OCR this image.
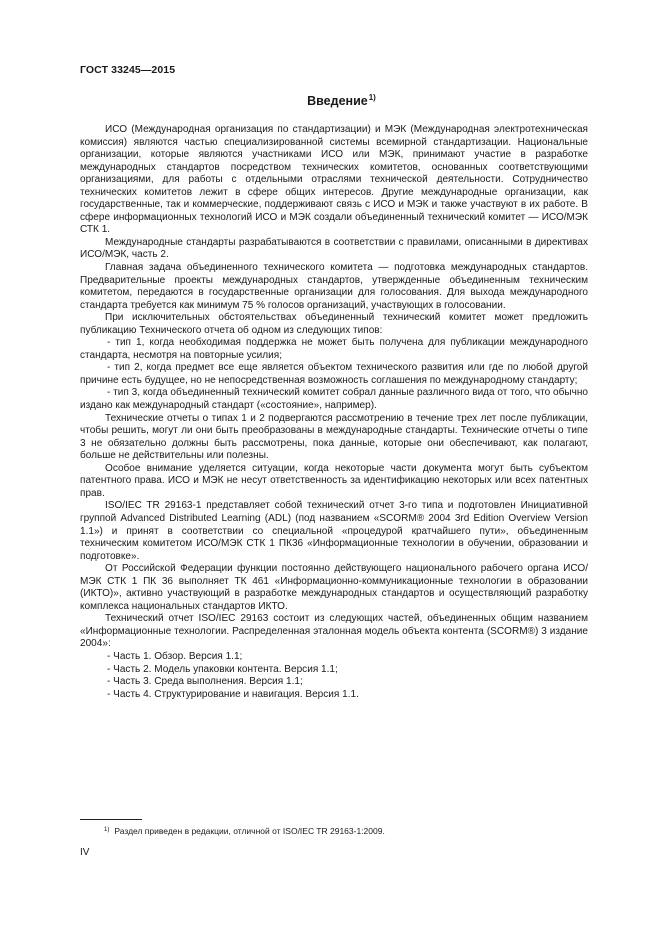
ГОСТ 33245—2015
Введение$^{1)}$

ИСО (Международная организация по стандартизации) и МЭК (Международная электротехническая комиссия) являются частью специализированной системы всемирной стандартизации. Национальные организации, которые являются участниками ИСО или МЭК, принимают участие в разработке международных стандартов посредством технических комитетов, основанных соответствующими организациями, для работы с отдельными отраслями технической деятельности. Сотрудничество технических комитетов лежит в сфере общих интересов. Другие международные организации, как государственные, так и коммерческие, поддерживают связь с ИСО и МЭК и также участвуют в их работе. В сфере информационных технологий ИСО и МЭК создали объединенный технический комитет — ИСО/МЭК СТК 1.

Международные стандарты разрабатываются в соответствии с правилами, описанными в директивах ИСО/МЭК, часть 2.

Главная задача объединенного технического комитета — подготовка международных стандартов. Предварительные проекты международных стандартов, утвержденные объединенным техническим комитетом, передаются в государственные организации для голосования. Для выхода международного стандарта требуется как минимум 75 % голосов организаций, участвующих в голосовании.

При исключительных обстоятельствах объединенный технический комитет может предложить публикацию Технического отчета об одном из следующих типов:

- тип 1, когда необходимая поддержка не может быть получена для публикации международного стандарта, несмотря на повторные усилия;

- тип 2, когда предмет все еще является объектом технического развития или где по любой другой причине есть будущее, но не непосредственная возможность соглашения по международному стандарту;

- тип 3, когда объединенный технический комитет собрал данные различного вида от того, что обычно издано как международный стандарт («состояние», например).

Технические отчеты о типах 1 и 2 подвергаются рассмотрению в течение трех лет после публикации, чтобы решить, могут ли они быть преобразованы в международные стандарты. Технические отчеты о типе 3 не обязательно должны быть рассмотрены, пока данные, которые они обеспечивают, как полагают, больше не действительны или полезны.

Особое внимание уделяется ситуации, когда некоторые части документа могут быть субъектом патентного права. ИСО и МЭК не несут ответственность за идентификацию некоторых или всех патентных прав.

ISO/IEC TR 29163-1 представляет собой технический отчет 3-го типа и подготовлен Инициативной группой Advanced Distributed Learning (ADL) (под названием «SCORM® 2004 3rd Edition Overview Version 1.1») и принят в соответствии со специальной «процедурой кратчайшего пути», объединенным техническим комитетом ИСО/МЭК СТК 1 ПК36 «Информационные технологии в обучении, образовании и подготовке».

От Российской Федерации функции постоянно действующего национального рабочего органа ИСО/МЭК СТК 1 ПК 36 выполняет ТК 461 «Информационно-коммуникационные технологии в образовании (ИКТО)», активно участвующий в разработке международных стандартов и осуществляющий разработку комплекса национальных стандартов ИКТО.

Технический отчет ISO/IEC 29163 состоит из следующих частей, объединенных общим названием «Информационные технологии. Распределенная эталонная модель объекта контента (SCORM®) 3 издание 2004»:

- Часть 1. Обзор. Версия 1.1;

- Часть 2. Модель упаковки контента. Версия 1.1;

- Часть 3. Среда выполнения. Версия 1.1;

- Часть 4. Структурирование и навигация. Версия 1.1.

$^{1)}$ Раздел приведен в редакции, отличной от ISO/IEC TR 29163-1:2009.
IV
